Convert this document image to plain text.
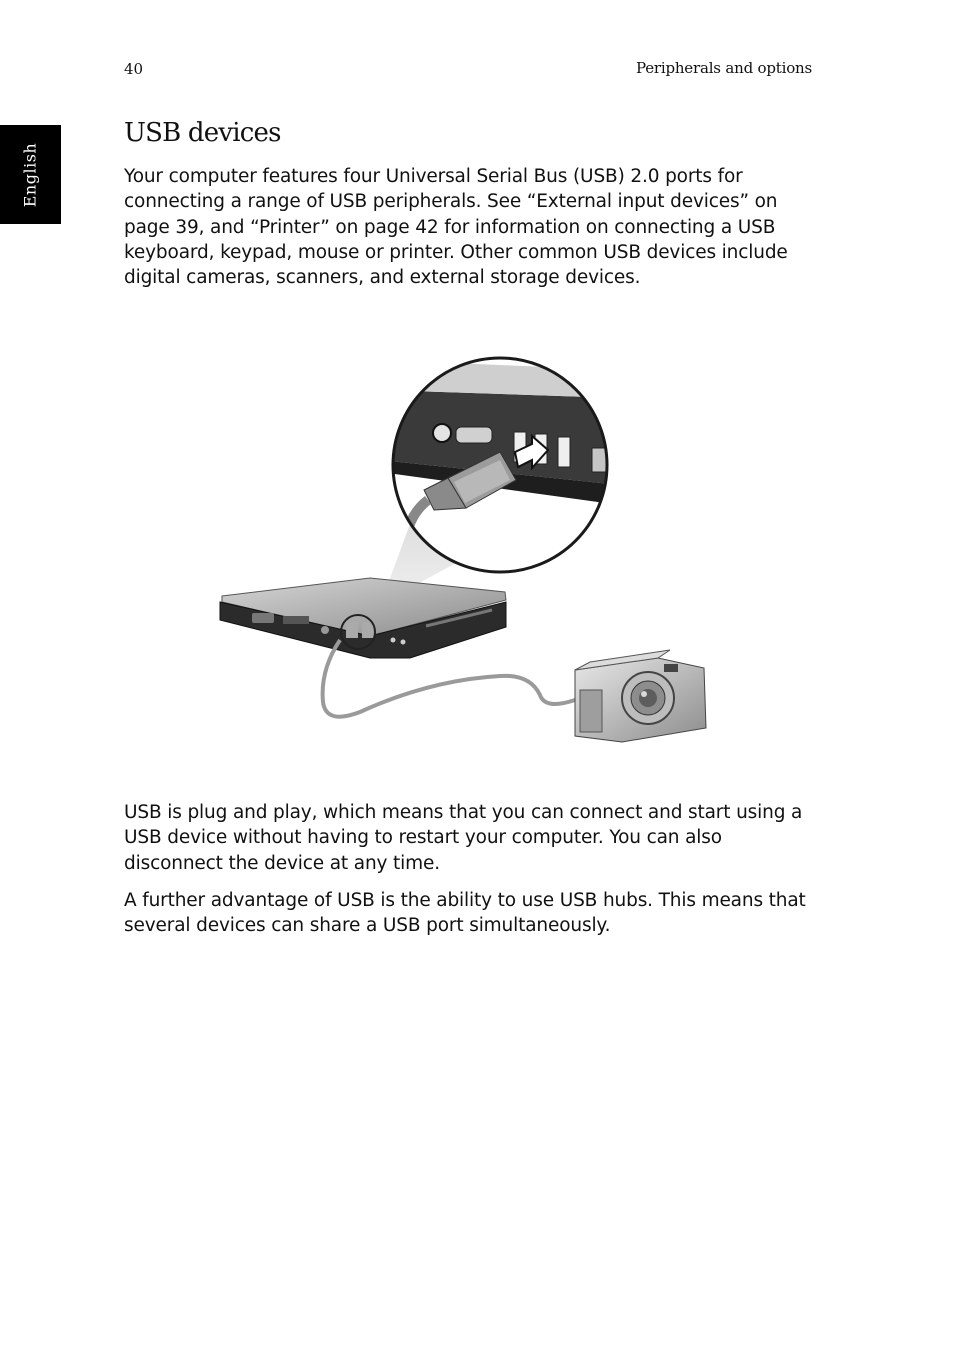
40	Peripherals and options
English
USB devices

Your computer features four Universal Serial Bus (USB) 2.0 ports for connecting a range of USB peripherals. See “External input devices” on page 39, and “Printer” on page 42 for information on connecting a USB keyboard, keypad, mouse or printer. Other common USB devices include digital cameras, scanners, and external storage devices.

USB is plug and play, which means that you can connect and start using a USB device without having to restart your computer. You can also disconnect the device at any time.

A further advantage of USB is the ability to use USB hubs. This means that several devices can share a USB port simultaneously.
